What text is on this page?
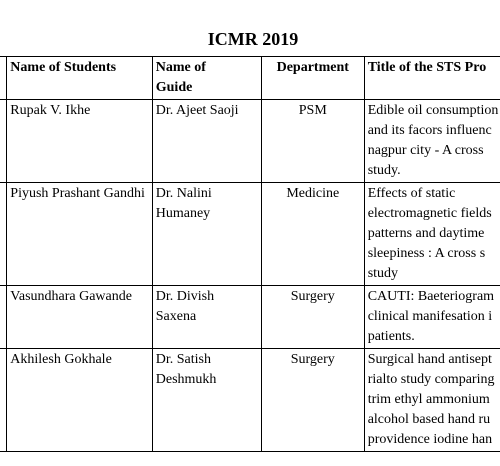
ICMR 2019
	Name of Students	Name of
Guide	Department	Title of the STS Pro
	Rupak V. Ikhe	Dr. Ajeet Saoji	PSM	Edible oil consumption
and its facors influenc
nagpur city - A cross
study.

	Piyush Prashant Gandhi	Dr. Nalini
Humaney	Medicine	Effects of static
electromagnetic fields
patterns and daytime
sleepiness : A cross s
study

	Vasundhara Gawande	Dr. Divish
Saxena	Surgery	CAUTI: Baeteriogram
clinical manifesation i
patients.

	Akhilesh Gokhale	Dr. Satish
Deshmukh	Surgery	Surgical hand antisept
rialto study comparing
trim ethyl ammonium
alcohol based hand ru
providence iodine han
